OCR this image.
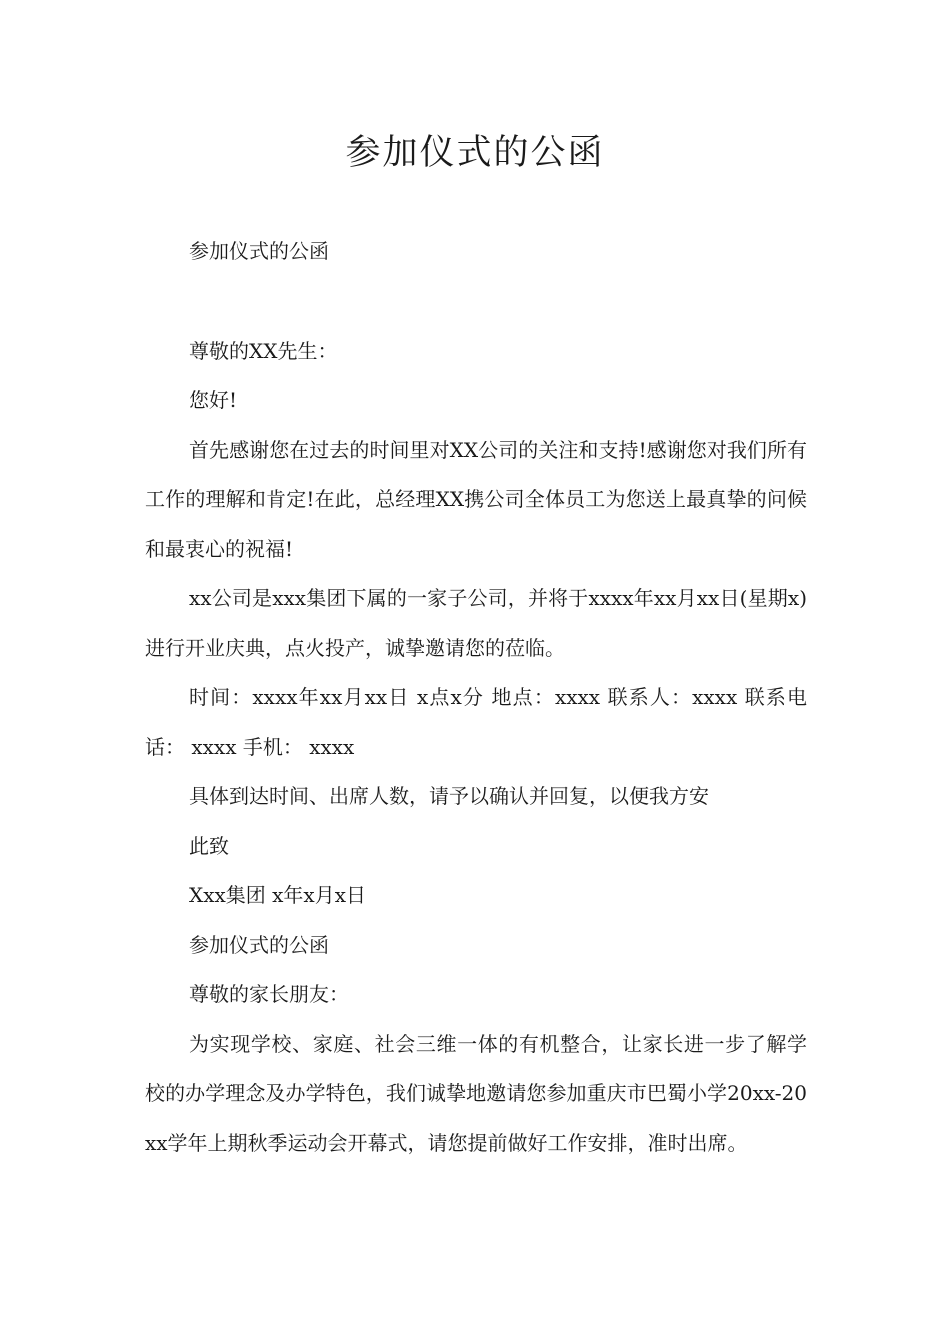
参加仪式的公函

参加仪式的公函

尊敬的XX先生：

您好!

首先感谢您在过去的时间里对XX公司的关注和支持!感谢您对我们所有工作的理解和肯定!在此，总经理XX携公司全体员工为您送上最真挚的问候和最衷心的祝福!

xx公司是xxx集团下属的一家子公司，并将于xxxx年xx月xx日(星期x)进行开业庆典，点火投产，诚挚邀请您的莅临。

时间：xxxx年xx月xx日 x点x分 地点：xxxx 联系人：xxxx 联系电话： xxxx 手机： xxxx

具体到达时间、出席人数，请予以确认并回复，以便我方安

此致

Xxx集团 x年x月x日

参加仪式的公函

尊敬的家长朋友：

为实现学校、家庭、社会三维一体的有机整合，让家长进一步了解学校的办学理念及办学特色，我们诚挚地邀请您参加重庆市巴蜀小学20xx-20xx学年上期秋季运动会开幕式，请您提前做好工作安排，准时出席。
